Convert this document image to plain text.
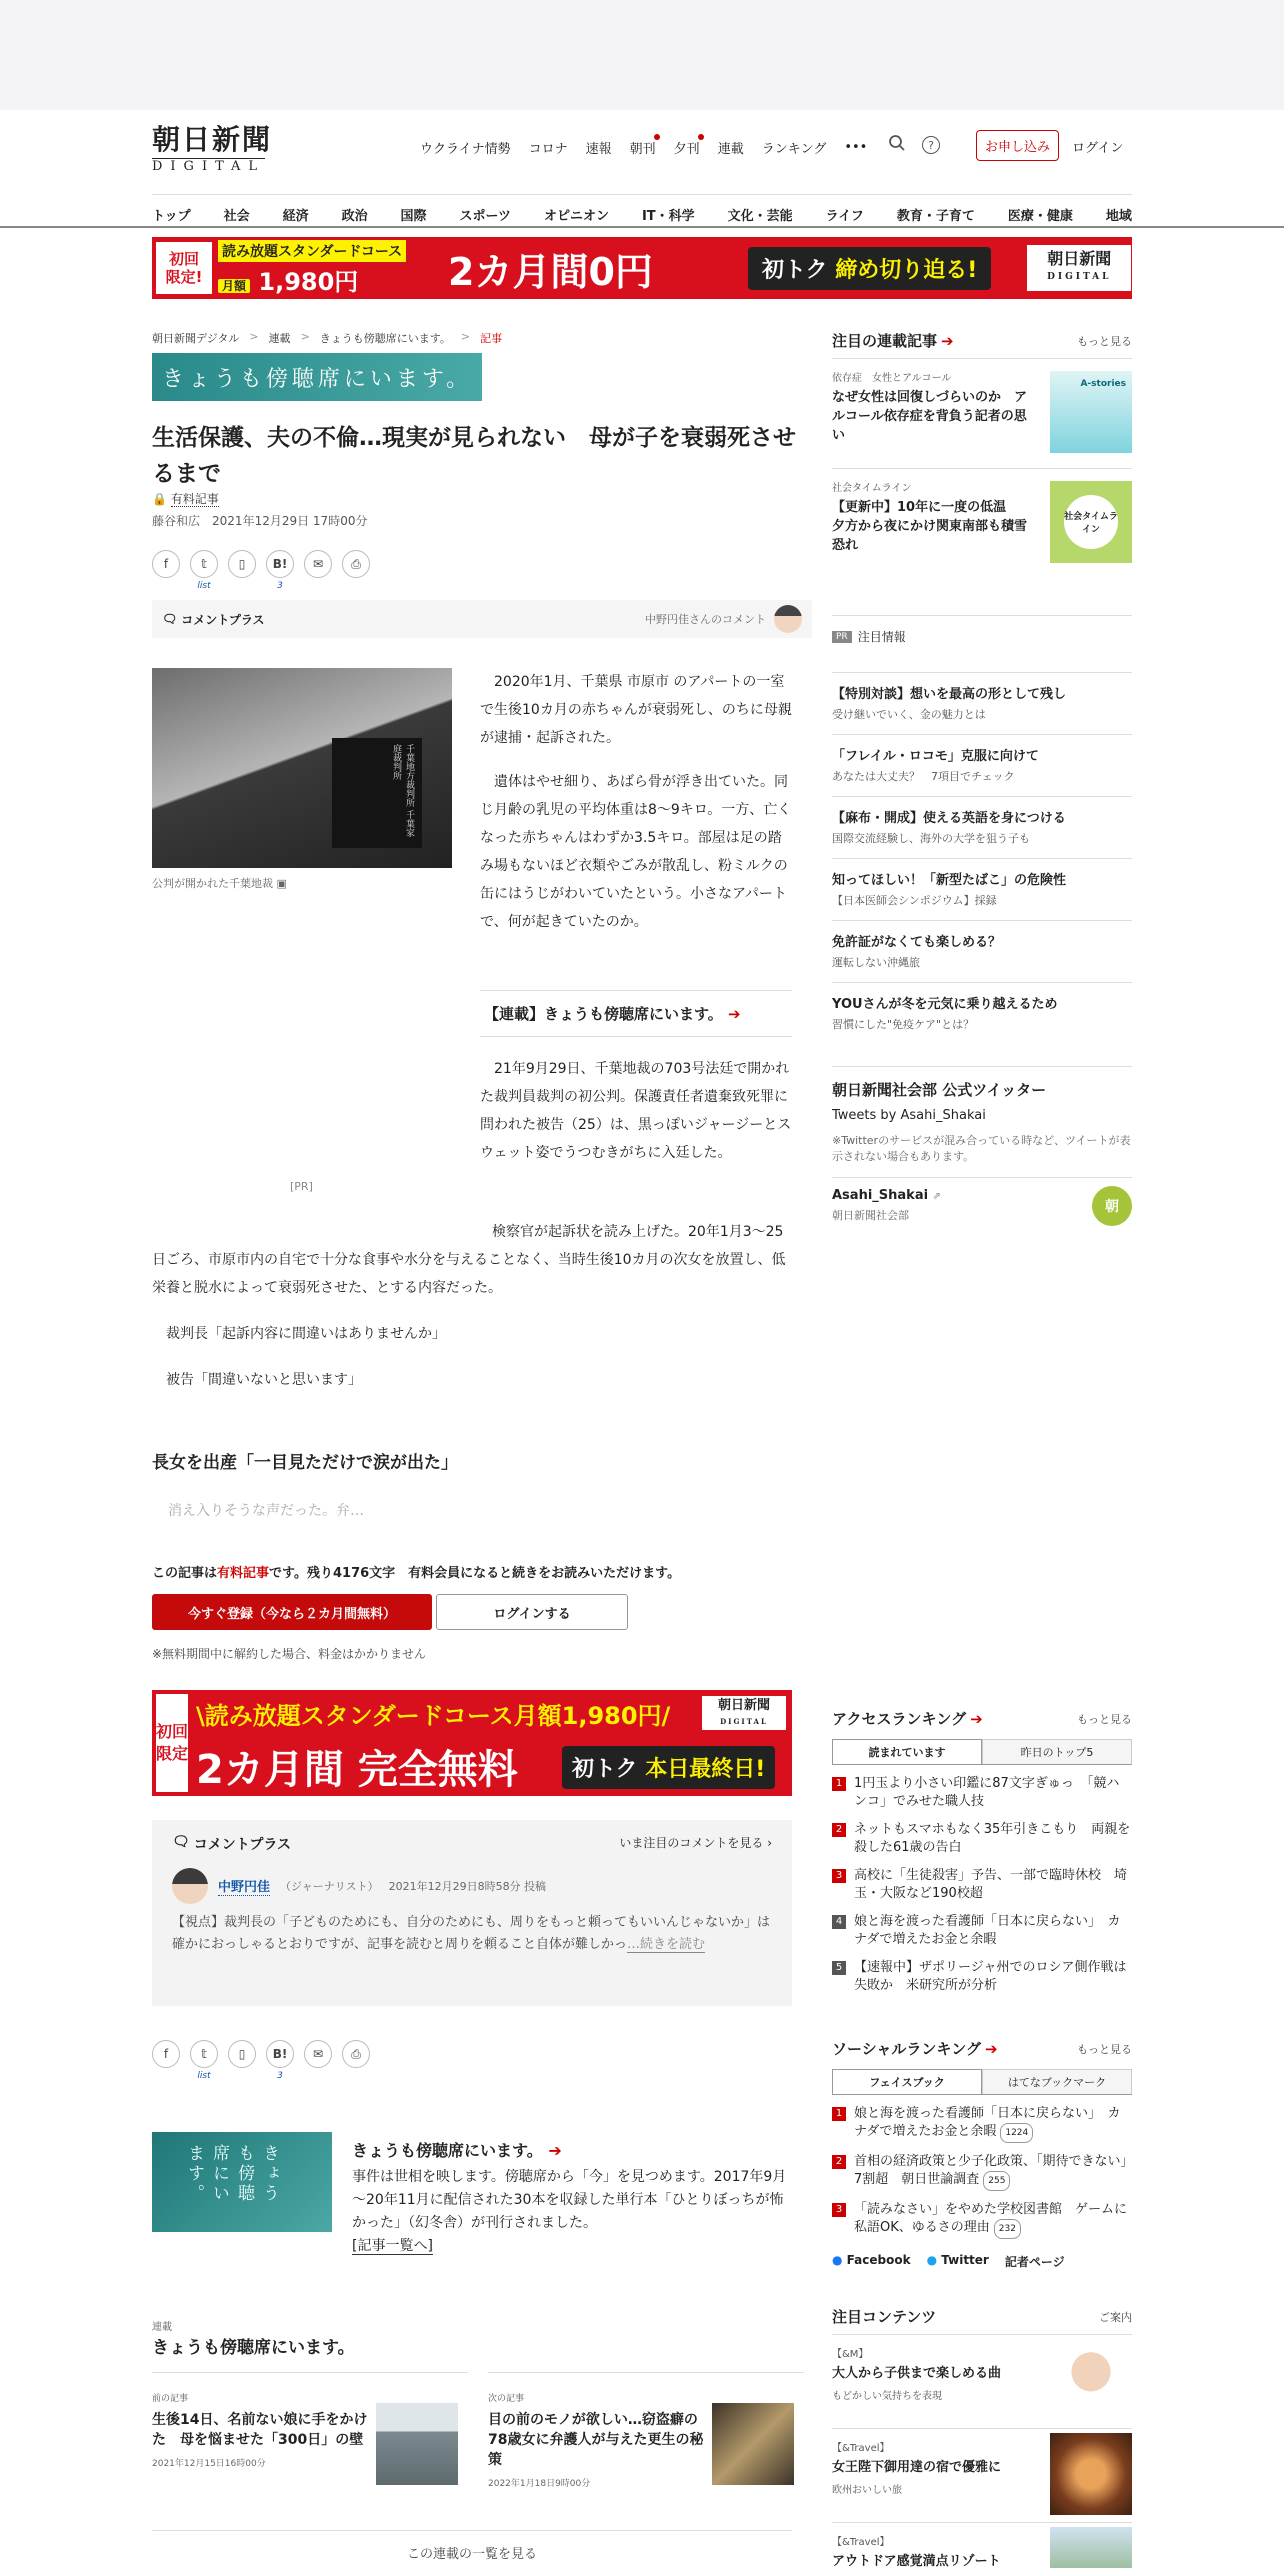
朝日新聞
DIGITAL
ウクライナ情勢 コロナ 速報 朝刊 夕刊 連載 ランキング •••	?	お申し込み	ログイン
トップ	社会	経済	政治	国際	スポーツ	オピニオン	IT・科学	文化・芸能	ライフ	教育・子育て	医療・健康	地域
初回
限定!
読み放題スタンダードコース
月額 1,980円	2カ月間0円	初トク 締め切り迫る!	朝日新聞
DIGITAL
朝日新聞デジタル > 連載 > きょうも傍聴席にいます。 > 記事
きょうも傍聴席にいます。
生活保護、夫の不倫…現実が見られない　母が子を衰弱死させるまで
🔒 有料記事
藤谷和広　 2021年12月29日 17時00分
f	𝕥
list
▯	B!
3
✉	⎙
🗨 コメントプラス	中野円佳さんのコメント
千葉地方裁判所 千葉家庭裁判所
公判が開かれた千葉地裁 ▣
[PR]

2020年1月、千葉県 市原市 のアパートの一室で生後10カ月の赤ちゃんが衰弱死し、のちに母親が逮捕・起訴された。

遺体はやせ細り、あばら骨が浮き出ていた。同じ月齢の乳児の平均体重は8～9キロ。一方、亡くなった赤ちゃんはわずか3.5キロ。部屋は足の踏み場もないほど衣類やごみが散乱し、粉ミルクの缶にはうじがわいていたという。小さなアパートで、何が起きていたのか。

【連載】きょうも傍聴席にいます。 ➔
21年9月29日、千葉地裁の703号法廷で開かれた裁判員裁判の初公判。保護責任者遺棄致死罪に問われた被告（25）は、黒っぽいジャージーとスウェット姿でうつむきがちに入廷した。

検察官が起訴状を読み上げた。20年1月3～25日ごろ、市原市内の自宅で十分な食事や水分を与えることなく、当時生後10カ月の次女を放置し、低栄養と脱水によって衰弱死させた、とする内容だった。

裁判長「起訴内容に間違いはありませんか」

被告「間違いないと思います」

長女を出産「一目見ただけで涙が出た」
消え入りそうな声だった。弁…
この記事は有料記事です。残り4176文字　有料会員になると続きをお読みいただけます。
今すぐ登録（今なら２カ月間無料）	ログインする
※無料期間中に解約した場合、料金はかかりません
初回
限定
\読み放題スタンダードコース月額1,980円/
2カ月間 完全無料	初トク 本日最終日!
朝日新聞
DIGITAL
🗨 コメントプラス	いま注目のコメントを見る ›
中野円佳 （ジャーナリスト） 2021年12月29日8時58分 投稿
【視点】裁判長の「子どものためにも、自分のためにも、周りをもっと頼ってもいいんじゃないか」は確かにおっしゃるとおりですが、記事を読むと周りを頼ること自体が難しかっ…続きを読む
f	𝕥
list
▯	B!
3
✉	⎙
きょうも傍聴席にいます。	きょうも傍聴席にいます。 ➔
事件は世相を映します。傍聴席から「今」を見つめます。2017年9月～20年11月に配信された30本を収録した単行本「ひとりぼっちが怖かった」（幻冬舎）が刊行されました。
[記事一覧へ]
連載
きょうも傍聴席にいます。
前の記事
生後14日、名前ない娘に手をかけた　母を悩ませた「300日」の壁
2021年12月15日16時00分
次の記事
目の前のモノが欲しい…窃盗癖の78歳女に弁護人が与えた更生の秘策
2022年1月18日9時00分
この連載の一覧を見る
注目の連載記事 ➔	もっと見る
依存症　女性とアルコール
なぜ女性は回復しづらいのか　アルコール依存症を背負う記者の思い
A-stories
社会タイムライン
【更新中】10年に一度の低温　夕方から夜にかけ関東南部も積雪恐れ
社会タイムライン
PR 注目情報
【特別対談】想いを最高の形として残し
受け継いでいく、金の魅力とは
「フレイル・ロコモ」克服に向けて
あなたは大丈夫？　7項目でチェック
【麻布・開成】使える英語を身につける
国際交流経験し、海外の大学を狙う子も
知ってほしい！「新型たばこ」の危険性
【日本医師会シンポジウム】採録
免許証がなくても楽しめる？
運転しない沖縄旅
YOUさんが冬を元気に乗り越えるため
習慣にした"免疫ケア"とは？
朝日新聞社会部 公式ツイッター
Tweets by Asahi_Shakai
※Twitterのサービスが混み合っている時など、ツイートが表示されない場合もあります。
Asahi_Shakai ⇗
朝日新聞社会部
朝
アクセスランキング ➔	もっと見る
読まれています	昨日のトップ5
1 1円玉より小さい印鑑に87文字ぎゅっ　「競ハンコ」でみせた職人技
2 ネットもスマホもなく35年引きこもり　両親を殺した61歳の告白
3 高校に「生徒殺害」予告、一部で臨時休校　埼玉・大阪など190校超
4 娘と海を渡った看護師「日本に戻らない」　カナダで増えたお金と余暇
5 【速報中】ザポリージャ州でのロシア側作戦は失敗か　米研究所が分析
ソーシャルランキング ➔	もっと見る
フェイスブック	はてなブックマーク
1 娘と海を渡った看護師「日本に戻らない」　カナダで増えたお金と余暇 1224
2 首相の経済政策と少子化政策、「期待できない」7割超　朝日世論調査 255
3 「読みなさい」をやめた学校図書館　ゲームに私語OK、ゆるさの理由 232
● Facebook ● Twitter 記者ページ
注目コンテンツ	ご案内
【&M】
大人から子供まで楽しめる曲
もどかしい気持ちを表現
【&Travel】
女王陛下御用達の宿で優雅に
欧州おいしい旅
【&Travel】
アウトドア感覚満点リゾート
